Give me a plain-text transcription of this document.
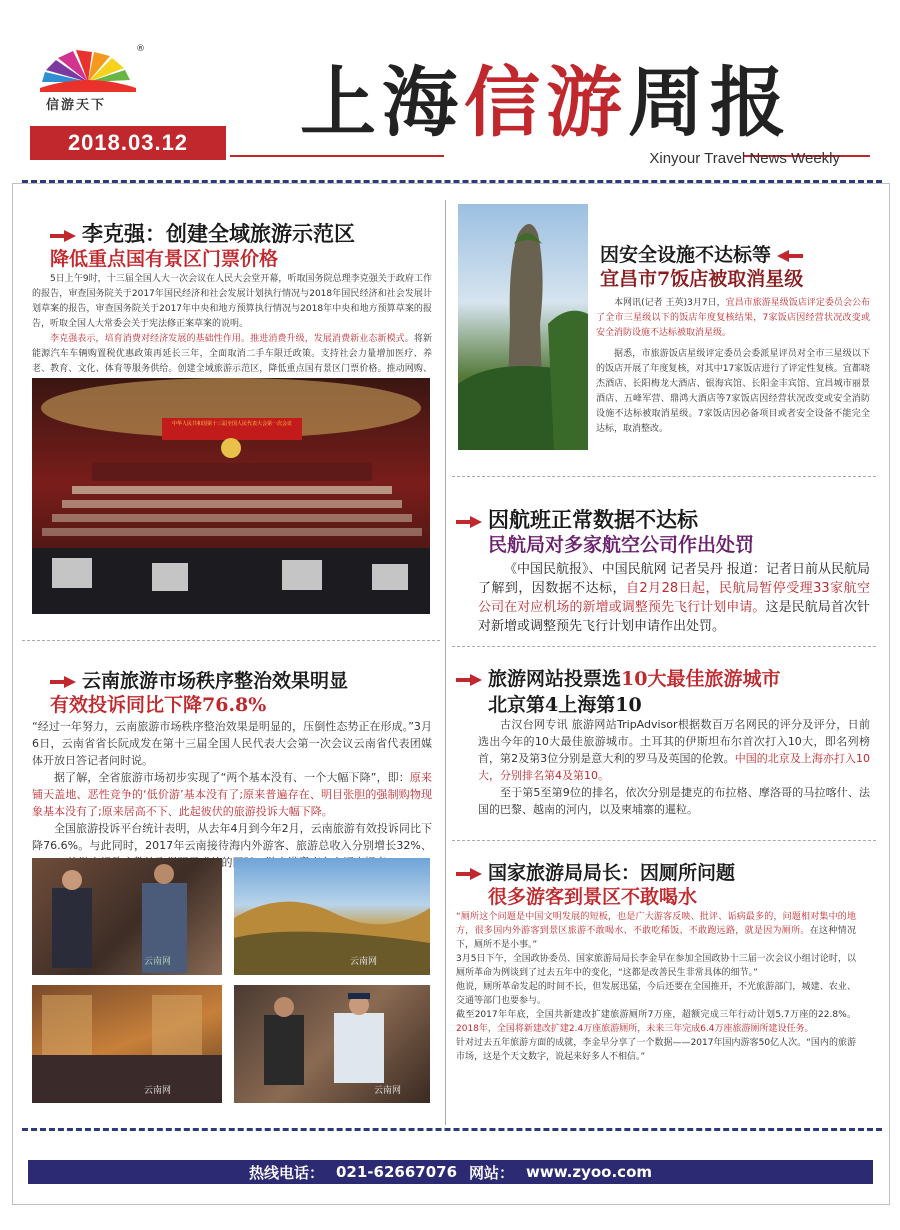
®
信游天下
2018.03.12	上海信游周报
Xinyour Travel News Weekly
李克强：创建全域旅游示范区
降低重点国有景区门票价格
5日上午9时，十三届全国人大一次会议在人民大会堂开幕，听取国务院总理李克强关于政府工作的报告，审查国务院关于2017年国民经济和社会发展计划执行情况与2018年国民经济和社会发展计划草案的报告，审查国务院关于2017年中央和地方预算执行情况与2018年中央和地方预算草案的报告，听取全国人大常委会关于宪法修正案草案的说明。
李克强表示，培育消费对经济发展的基础性作用。推进消费升级，发展消费新业态新模式。将新能源汽车车辆购置税优惠政策再延长三年，全面取消二手车限迁政策。支持社会力量增加医疗、养老、教育、文化、体育等服务供给。创建全域旅游示范区，降低重点国有景区门票价格。推动网购、
中华人民共和国第十三届全国人民代表大会第一次会议
云南旅游市场秩序整治效果明显
有效投诉同比下降76.8%
“经过一年努力，云南旅游市场秩序整治效果是明显的，压倒性态势正在形成。”3月6日，云南省省长阮成发在第十三届全国人民代表大会第一次会议云南省代表团媒体开放日答记者问时说。
据了解，全省旅游市场初步实现了“两个基本没有、一个大幅下降”，即：原来铺天盖地、恶性竞争的‘低价游’基本没有了;原来普遍存在、明目张胆的强制购物现象基本没有了;原来居高不下、此起彼伏的旅游投诉大幅下降。
全国旅游投诉平台统计表明，从去年4月到今年2月，云南旅游有效投诉同比下降76.6%。与此同时，2017年云南接待海内外游客、旅游总收入分别增长32%、 的同
云南网	云南网
云南网	云南网
因安全设施不达标等
宜昌市7饭店被取消星级
本网讯(记者 王英)3月7日，宜昌市旅游星级饭店评定委员会公布了全市三星级以下的饭店年度复核结果，7家饭店因经营状况改变或安全消防设施不达标被取消星级。
据悉，市旅游饭店星级评定委员会委派星评员对全市三星级以下的饭店开展了年度复核，对其中17家饭店进行了评定性复核。宜都晓杰酒店、长阳梅龙大酒店、银海宾馆、长阳金丰宾馆、宜昌城市丽景酒店、五峰军营、鼎鸿大酒店等7家饭店因经营状况改变或安全消防设施不达标被取消星级。7家饭店因必备项目或者安全设备不能完全达标，取消整改。
因航班正常数据不达标
民航局对多家航空公司作出处罚
《中国民航报》、中国民航网 记者吴丹 报道：记者日前从民航局了解到，因数据不达标，自2月28日起，民航局暂停受理33家航空公司在对应机场的新增或调整预先飞行计划申请。这是民航局首次针对新增或调整预先飞行计划申请作出处罚。
旅游网站投票选10大最佳旅游城市
北京第4上海第10
古汉台网专讯 旅游网站TripAdvisor根据数百万名网民的评分及评分，日前选出今年的10大最佳旅游城市。土耳其的伊斯坦布尔首次打入10大，即名列榜首，第2及第3位分别是意大利的罗马及英国的伦敦。中国的北京及上海亦打入10大，分别排名第4及第10。
至于第5至第9位的排名，依次分别是捷克的布拉格、摩洛哥的马拉喀什、法国的巴黎、越南的河内，以及柬埔寨的暹粒。
国家旅游局局长：因厕所问题
很多游客到景区不敢喝水
“厕所这个问题是中国文明发展的短板，也是广大游客反映、批评、诟病最多的，问题相对集中的地方，很多国内外游客到景区旅游不敢喝水、不敢吃稀饭、不敢跑远路，就是因为厕所。在这种情况下，厕所不是小事。”
3月5日下午，全国政协委员、国家旅游局局长李金早在参加全国政协十三届一次会议小组讨论时，以厕所革命为例谈到了过去五年中的变化，“这都是改善民生非常具体的细节。”
他说，厕所革命发起的时间不长，但发展迅猛，今后还要在全国推开，不光旅游部门，城建、农业、交通等部门也要参与。
截至2017年年底，全国共新建改扩建旅游厕所7万座，超额完成三年行动计划5.7万座的22.8%。2018年，全国将新建改扩建2.4万座旅游厕所，未来三年完成6.4万座旅游厕所建设任务。
针对过去五年旅游方面的成就，李金早分享了一个数据——2017年国内游客50亿人次。“国内的旅游市场，这是个天文数字，说起来好多人不相信。”
热线电话： 021-62667076 网站： www.zyoo.com
